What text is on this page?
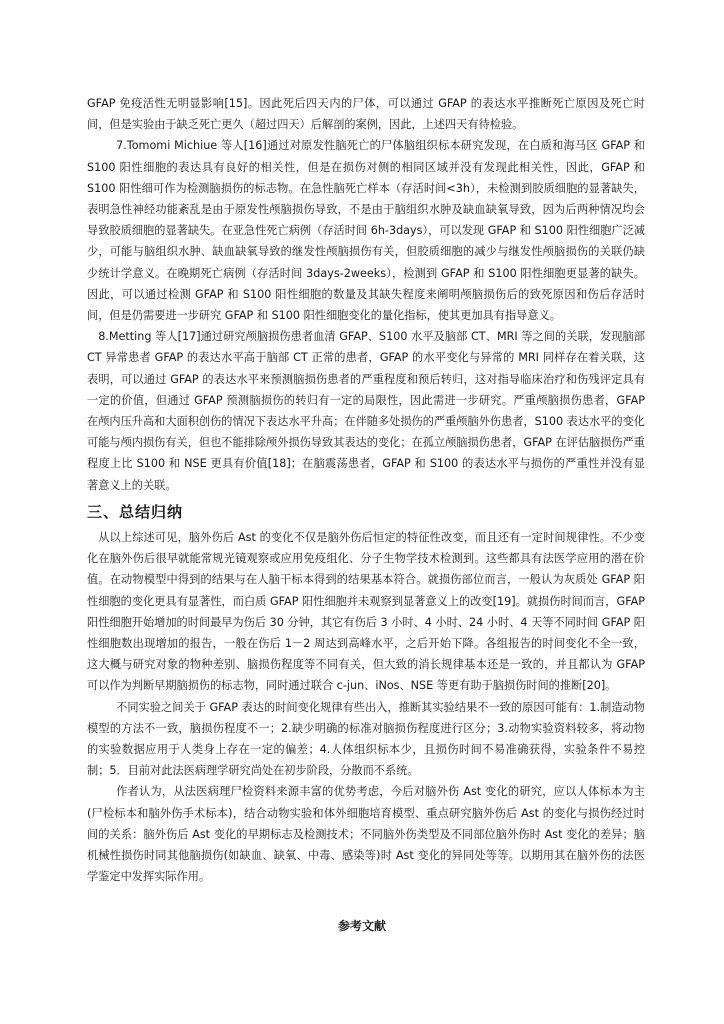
GFAP 免疫活性无明显影响[15]。因此死后四天内的尸体，可以通过 GFAP 的表达水平推断死亡原因及死亡时间，但是实验由于缺乏死亡更久（超过四天）后解剖的案例，因此，上述四天有待检验。

7.Tomomi Michiue 等人[16]通过对原发性脑死亡的尸体脑组织标本研究发现，在白质和海马区 GFAP 和 S100 阳性细胞的表达具有良好的相关性，但是在损伤对侧的相同区域并没有发现此相关性，因此，GFAP 和 S100 阳性细可作为检测脑损伤的标志物。在急性脑死亡样本（存活时间<3h），未检测到胶质细胞的显著缺失，表明急性神经功能紊乱是由于原发性颅脑损伤导致，不是由于脑组织水肿及缺血缺氧导致，因为后两种情况均会导致胶质细胞的显著缺失。在亚急性死亡病例（存活时间 6h-3days），可以发现 GFAP 和 S100 阳性细胞广泛减少，可能与脑组织水肿、缺血缺氧导致的继发性颅脑损伤有关，但胶质细胞的减少与继发性颅脑损伤的关联仍缺少统计学意义。在晚期死亡病例（存活时间 3days-2weeks），检测到 GFAP 和 S100 阳性细胞更显著的缺失。因此，可以通过检测 GFAP 和 S100 阳性细胞的数量及其缺失程度来阐明颅脑损伤后的致死原因和伤后存活时间，但是仍需要进一步研究 GFAP 和 S100 阳性细胞变化的量化指标，使其更加具有指导意义。

8.Metting 等人[17]通过研究颅脑损伤患者血清 GFAP、S100 水平及脑部 CT、MRI 等之间的关联，发现脑部 CT 异常患者 GFAP 的表达水平高于脑部 CT 正常的患者，GFAP 的水平变化与异常的 MRI 同样存在着关联，这表明，可以通过 GFAP 的表达水平来预测脑损伤患者的严重程度和预后转归，这对指导临床治疗和伤残评定具有一定的价值，但通过 GFAP 预测脑损伤的转归有一定的局限性，因此需进一步研究。严重颅脑损伤患者，GFAP 在颅内压升高和大面积创伤的情况下表达水平升高；在伴随多处损伤的严重颅脑外伤患者，S100 表达水平的变化可能与颅内损伤有关，但也不能排除颅外损伤导致其表达的变化；在孤立颅脑损伤患者，GFAP 在评估脑损伤严重程度上比 S100 和 NSE 更具有价值[18]；在脑震荡患者，GFAP 和 S100 的表达水平与损伤的严重性并没有显著意义上的关联。

三、总结归纳

从以上综述可见，脑外伤后 Ast 的变化不仅是脑外伤后恒定的特征性改变，而且还有一定时间规律性。不少变化在脑外伤后很早就能常规光镜观察或应用免疫组化、分子生物学技术检测到。这些都具有法医学应用的潜在价值。在动物模型中得到的结果与在人脑干标本得到的结果基本符合。就损伤部位而言，一般认为灰质处 GFAP 阳性细胞的变化更具有显著性，而白质 GFAP 阳性细胞并未观察到显著意义上的改变[19]。就损伤时间而言，GFAP 阳性细胞开始增加的时间最早为伤后 30 分钟，其它有伤后 3 小时、4 小时、24 小时、4 天等不同时间 GFAP 阳性细胞数出现增加的报告，一般在伤后 1－2 周达到高峰水平，之后开始下降。各组报告的时间变化不全一致，这大概与研究对象的物种差别、脑损伤程度等不同有关，但大致的消长规律基本还是一致的，并且都认为 GFAP 可以作为判断早期脑损伤的标志物，同时通过联合 c-jun、iNos、NSE 等更有助于脑损伤时间的推断[20]。

不同实验之间关于 GFAP 表达的时间变化规律有些出入，推断其实验结果不一致的原因可能有：1.制造动物模型的方法不一致，脑损伤程度不一；2.缺少明确的标准对脑损伤程度进行区分；3.动物实验资料较多，将动物的实验数据应用于人类身上存在一定的偏差；4.人体组织标本少，且损伤时间不易准确获得，实验条件不易控制；5．目前对此法医病理学研究尚处在初步阶段，分散而不系统。

作者认为，从法医病理尸检资料来源丰富的优势考虑，今后对脑外伤 Ast 变化的研究，应以人体标本为主(尸检标本和脑外伤手术标本)，结合动物实验和体外细胞培育模型、重点研究脑外伤后 Ast 的变化与损伤经过时间的关系：脑外伤后 Ast 变化的早期标志及检测技术；不同脑外伤类型及不同部位脑外伤时 Ast 变化的差异；脑机械性损伤时同其他脑损伤(如缺血、缺氧、中毒、感染等)时 Ast 变化的异同处等等。以期用其在脑外伤的法医学鉴定中发挥实际作用。

参考文献
